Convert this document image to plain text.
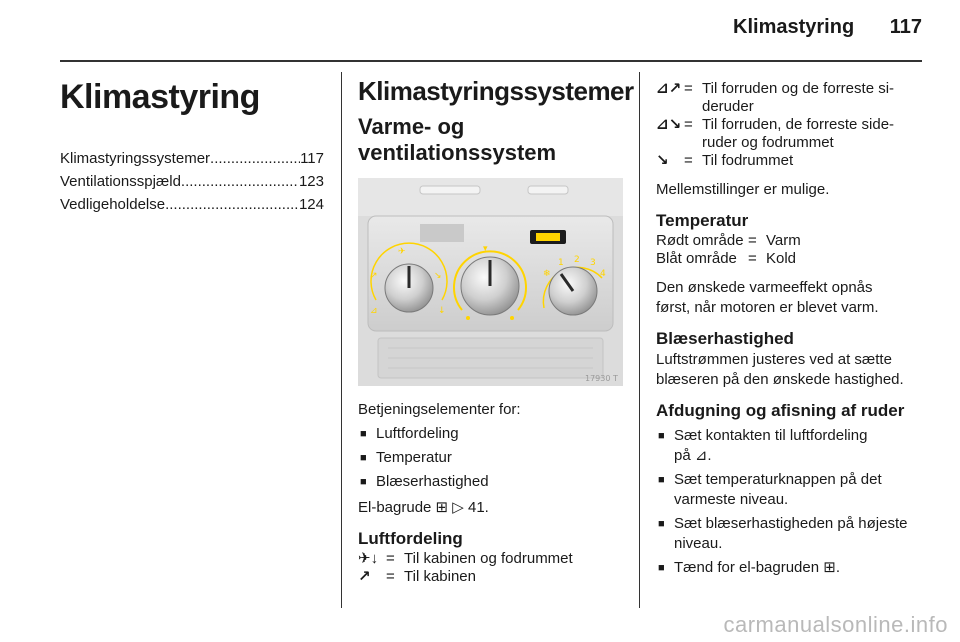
Klimastyring 117
Klimastyring
Klimastyringssystemer .....	117
Ventilationsspjæld .....	123
Vedligeholdelse .....	124
Klimastyringssystemer
Varme- og
ventilationssystem
✈
↗	↘
⊿	↓
▾
❄
1 2 3
4
17930 T

Betjeningselementer for:

■ Luftfordeling
■ Temperatur
■ Blæserhastighed

El-bagrude ⊞ ▷ 41.

Luftfordeling
✈↓ = Til kabinen og fodrummet
↗	= Til kabinen
⊿↗ = Til forruden og de forreste si-
deruder
⊿↘ = Til forruden, de forreste side-
ruder og fodrummet
↘	= Til fodrummet

Mellemstillinger er mulige.

Temperatur
Rødt område = Varm
Blåt område = Kold

Den ønskede varmeeffekt opnås
først, når motoren er blevet varm.

Blæserhastighed

Luftstrømmen justeres ved at sætte
blæseren på den ønskede hastighed.

Afdugning og afisning af ruder
■ Sæt kontakten til luftfordeling
på ⊿.
■ Sæt temperaturknappen på det
varmeste niveau.
■ Sæt blæserhastigheden på højeste
niveau.
■ Tænd for el-bagruden ⊞.
carmanualsonline.info
